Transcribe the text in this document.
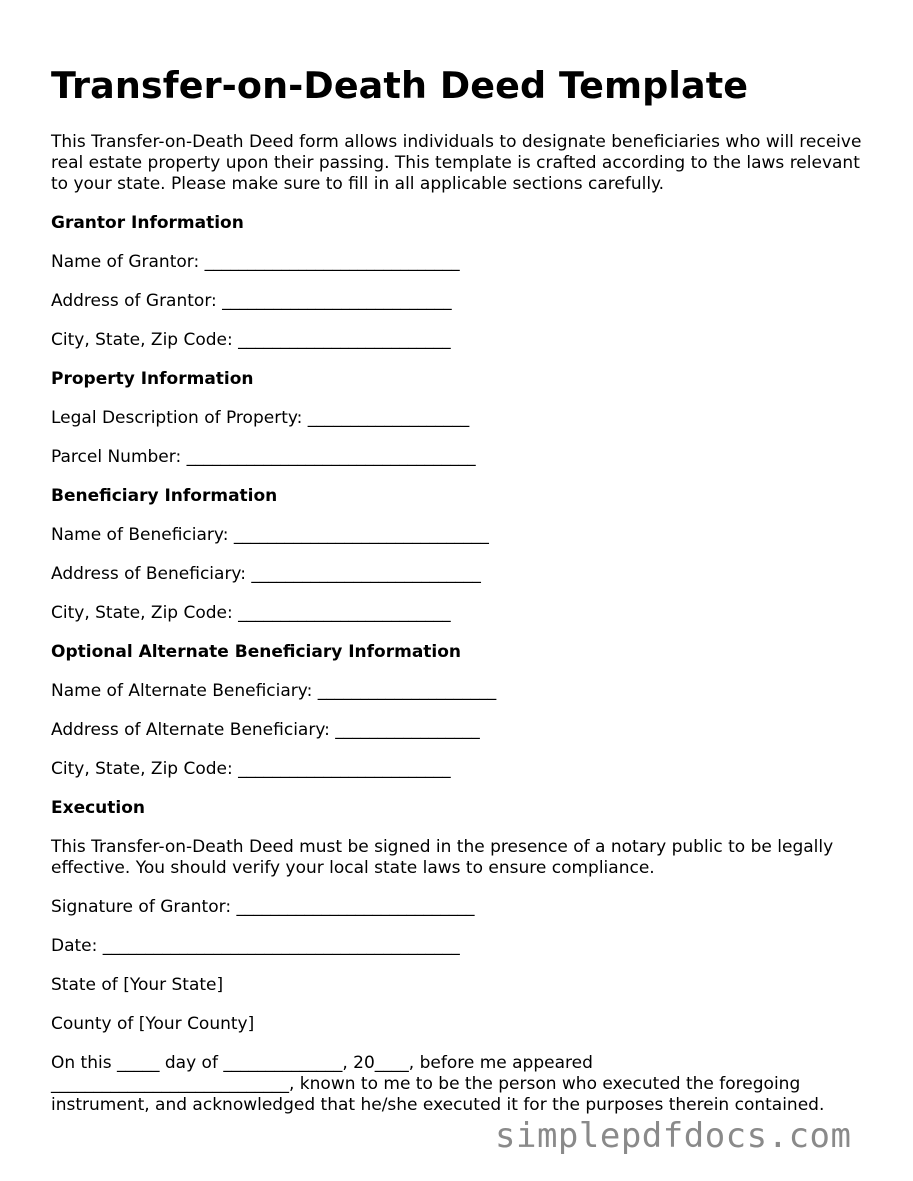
Transfer-on-Death Deed Template

This Transfer-on-Death Deed form allows individuals to designate beneficiaries who will receive real estate property upon their passing. This template is crafted according to the laws relevant to your state. Please make sure to fill in all applicable sections carefully.

Grantor Information
Name of Grantor: ______________________________
Address of Grantor: ___________________________
City, State, Zip Code: _________________________
Property Information
Legal Description of Property: ___________________
Parcel Number: __________________________________
Beneficiary Information
Name of Beneficiary: ______________________________
Address of Beneficiary: ___________________________
City, State, Zip Code: _________________________
Optional Alternate Beneficiary Information
Name of Alternate Beneficiary: _____________________
Address of Alternate Beneficiary: _________________
City, State, Zip Code: _________________________
Execution

This Transfer-on-Death Deed must be signed in the presence of a notary public to be legally effective. You should verify your local state laws to ensure compliance.

Signature of Grantor: ____________________________
Date: __________________________________________
State of [Your State]
County of [Your County]
On this _____ day of ______________, 20____, before me appeared
____________________________, known to me to be the person who executed the foregoing
instrument, and acknowledged that he/she executed it for the purposes therein contained.
simplepdfdocs.com
